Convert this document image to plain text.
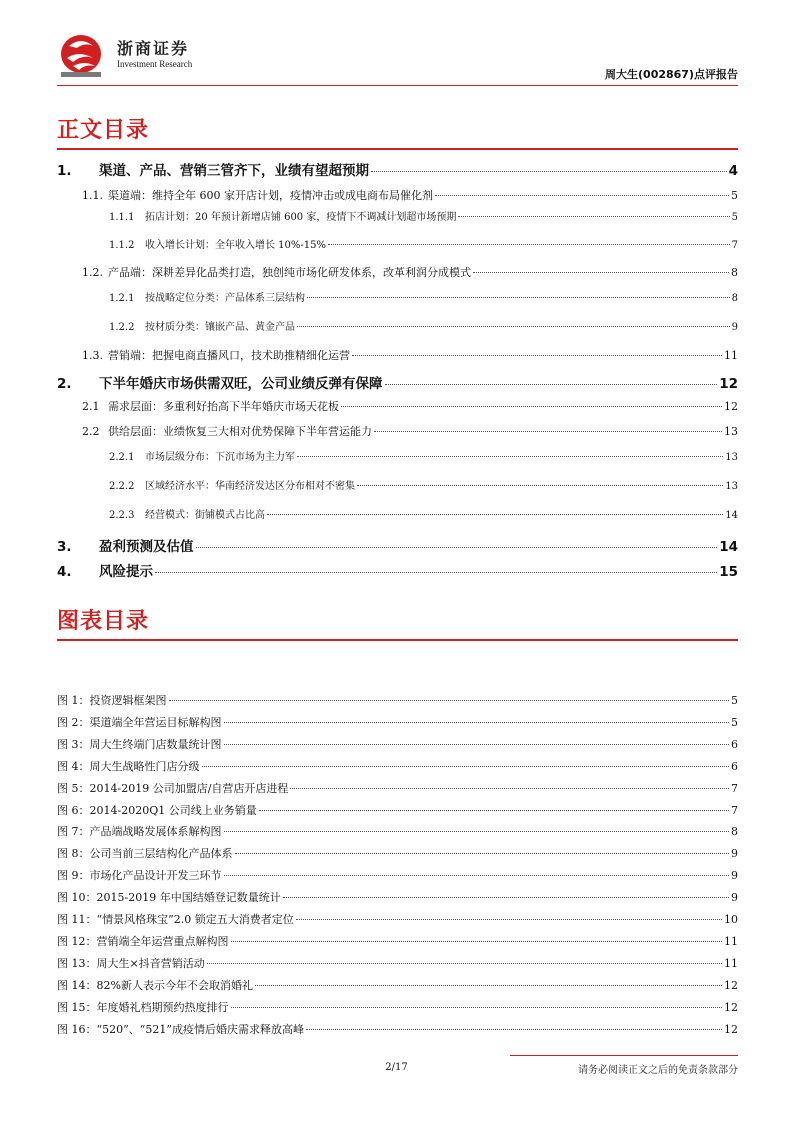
浙商证券
Investment Research
周大生(002867)点评报告
正文目录
1. 渠道、产品、营销三管齐下，业绩有望超预期	4
1.1. 渠道端：维持全年 600 家开店计划，疫情冲击或成电商布局催化剂	5
1.1.1 拓店计划：20 年预计新增店铺 600 家，疫情下不调减计划超市场预期	5
1.1.2 收入增长计划：全年收入增长 10%-15%	7
1.2. 产品端：深耕差异化品类打造，独创纯市场化研发体系，改革利润分成模式	8
1.2.1 按战略定位分类：产品体系三层结构	8
1.2.2 按材质分类：镶嵌产品、黄金产品	9
1.3. 营销端：把握电商直播风口，技术助推精细化运营	11
2. 下半年婚庆市场供需双旺，公司业绩反弹有保障	12
2.1 需求层面：多重利好抬高下半年婚庆市场天花板	12
2.2 供给层面：业绩恢复三大相对优势保障下半年营运能力	13
2.2.1 市场层级分布：下沉市场为主力军	13
2.2.2 区域经济水平：华南经济发达区分布相对不密集	13
2.2.3 经营模式：街铺模式占比高	14
3. 盈利预测及估值	14
4. 风险提示	15
图表目录
图 1：投资逻辑框架图	5
图 2：渠道端全年营运目标解构图	5
图 3：周大生终端门店数量统计图	6
图 4：周大生战略性门店分级	6
图 5：2014-2019 公司加盟店/自营店开店进程	7
图 6：2014-2020Q1 公司线上业务销量	7
图 7：产品端战略发展体系解构图	8
图 8：公司当前三层结构化产品体系	9
图 9：市场化产品设计开发三环节	9
图 10：2015-2019 年中国结婚登记数量统计	9
图 11：“情景风格珠宝”2.0 锁定五大消费者定位	10
图 12：营销端全年运营重点解构图	11
图 13：周大生×抖音营销活动	11
图 14：82%新人表示今年不会取消婚礼	12
图 15：年度婚礼档期预约热度排行	12
图 16：“520”、“521”成疫情后婚庆需求释放高峰	12
2/17	请务必阅读正文之后的免责条款部分
